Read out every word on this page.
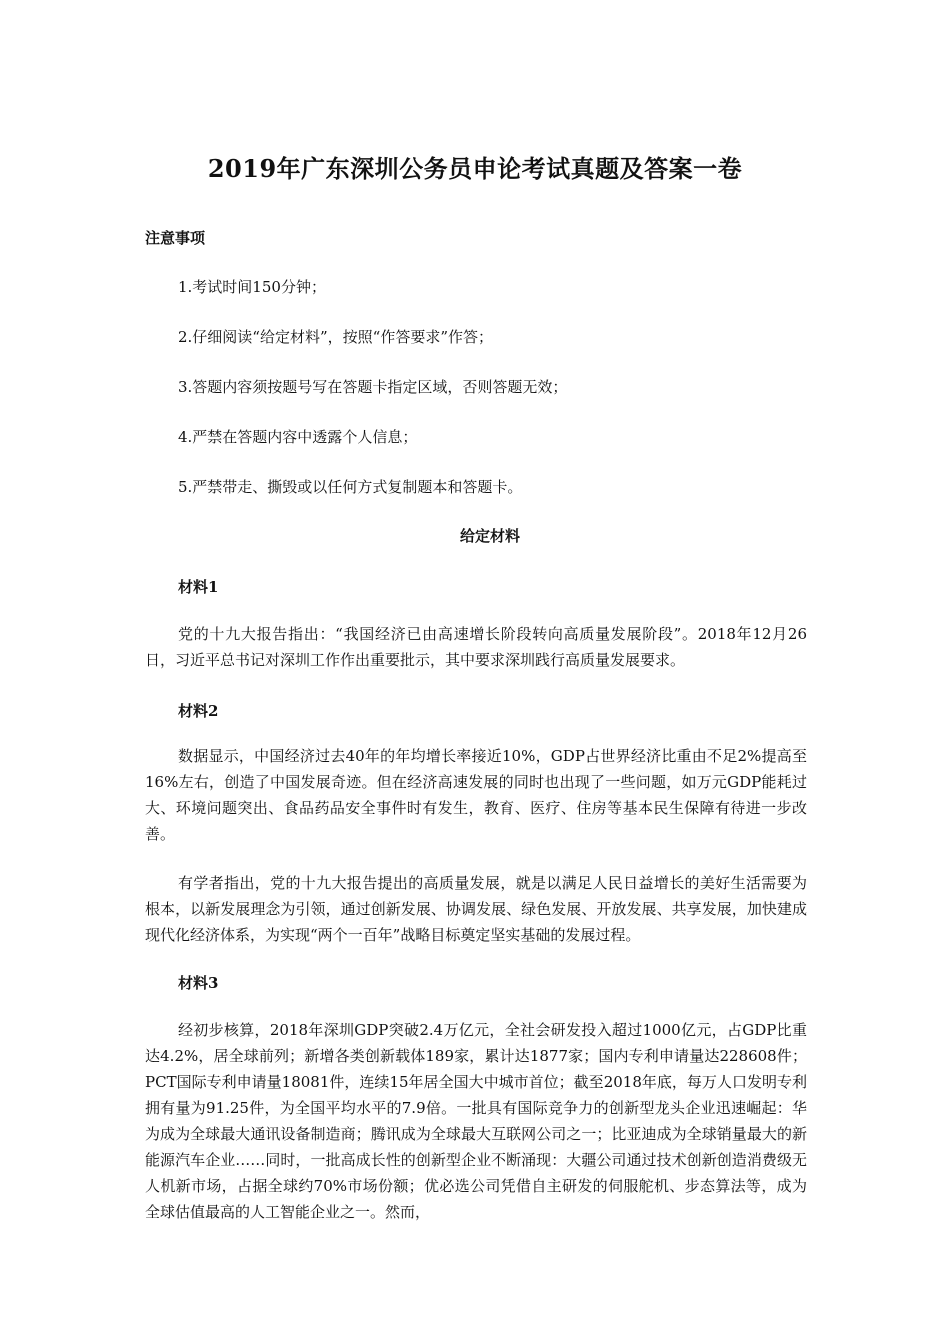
2019年广东深圳公务员申论考试真题及答案一卷
注意事项
1.考试时间150分钟；
2.仔细阅读“给定材料”，按照“作答要求”作答；
3.答题内容须按题号写在答题卡指定区域，否则答题无效；
4.严禁在答题内容中透露个人信息；
5.严禁带走、撕毁或以任何方式复制题本和答题卡。
给定材料
材料1

党的十九大报告指出：“我国经济已由高速增长阶段转向高质量发展阶段”。2018年12月26日，习近平总书记对深圳工作作出重要批示，其中要求深圳践行高质量发展要求。

材料2

数据显示，中国经济过去40年的年均增长率接近10%，GDP占世界经济比重由不足2%提高至16%左右，创造了中国发展奇迹。但在经济高速发展的同时也出现了一些问题，如万元GDP能耗过大、环境问题突出、食品药品安全事件时有发生，教育、医疗、住房等基本民生保障有待进一步改善。

有学者指出，党的十九大报告提出的高质量发展，就是以满足人民日益增长的美好生活需要为根本，以新发展理念为引领，通过创新发展、协调发展、绿色发展、开放发展、共享发展，加快建成现代化经济体系，为实现“两个一百年”战略目标奠定坚实基础的发展过程。

材料3

经初步核算，2018年深圳GDP突破2.4万亿元，全社会研发投入超过1000亿元，占GDP比重达4.2%，居全球前列；新增各类创新载体189家，累计达1877家；国内专利申请量达228608件；PCT国际专利申请量18081件，连续15年居全国大中城市首位；截至2018年底，每万人口发明专利拥有量为91.25件，为全国平均水平的7.9倍。一批具有国际竞争力的创新型龙头企业迅速崛起：华为成为全球最大通讯设备制造商；腾讯成为全球最大互联网公司之一；比亚迪成为全球销量最大的新能源汽车企业……同时，一批高成长性的创新型企业不断涌现：大疆公司通过技术创新创造消费级无人机新市场，占据全球约70%市场份额；优必选公司凭借自主研发的伺服舵机、步态算法等，成为全球估值最高的人工智能企业之一。然而，
